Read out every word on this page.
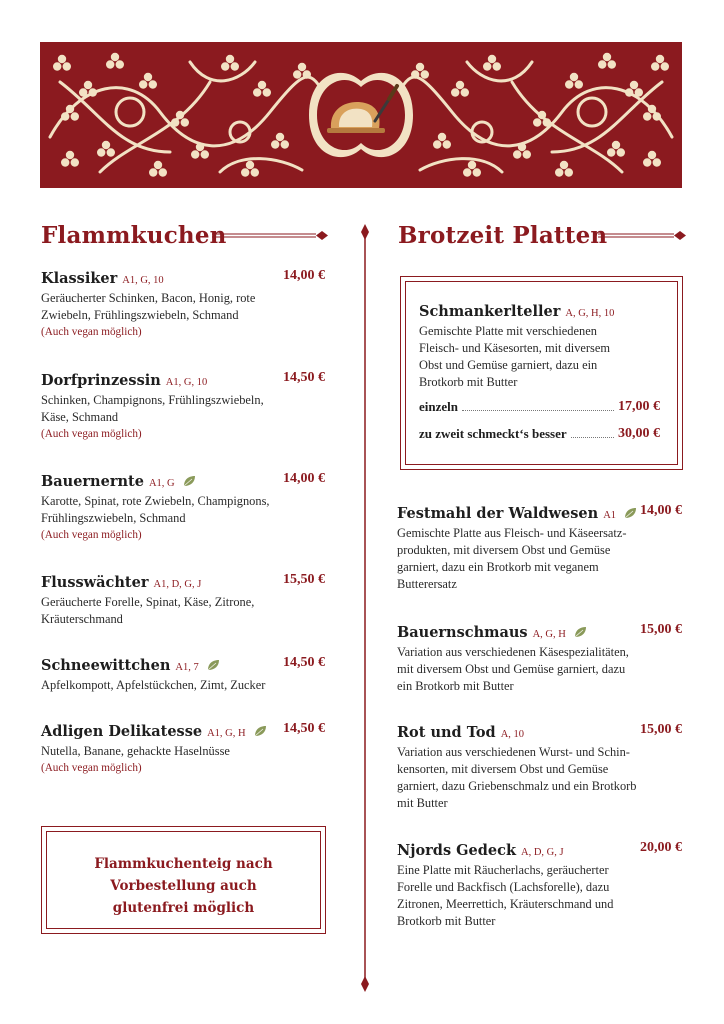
Flammkuchen	Brotzeit Platten
Klassiker A1, G, 10	14,00 €
Geräucherter Schinken, Bacon, Honig, rote
Zwiebeln, Frühlingszwiebeln, Schmand
(Auch vegan möglich)
Dorfprinzessin A1, G, 10	14,50 €
Schinken, Champignons, Frühlingszwiebeln,
Käse, Schmand
(Auch vegan möglich)
Bauernernte A1, G	14,00 €
Karotte, Spinat, rote Zwiebeln, Champignons,
Frühlingszwiebeln, Schmand
(Auch vegan möglich)
Flusswächter A1, D, G, J	15,50 €
Geräucherte Forelle, Spinat, Käse, Zitrone,
Kräuterschmand
Schneewittchen A1, 7	14,50 €
Apfelkompott, Apfelstückchen, Zimt, Zucker
Adligen Delikatesse A1, G, H	14,50 €
Nutella, Banane, gehackte Haselnüsse
(Auch vegan möglich)
Flammkuchenteig nach
Vorbestellung auch
glutenfrei möglich
Schmankerlteller A, G, H, 10
Gemischte Platte mit verschiedenen
Fleisch- und Käsesorten, mit diversem
Obst und Gemüse garniert, dazu ein
Brotkorb mit Butter
einzeln	17,00 €
zu zweit schmeckt‘s besser	30,00 €
Festmahl der Waldwesen A1 14,00 €
Gemischte Platte aus Fleisch- und Käseersatz-
produkten, mit diversem Obst und Gemüse
garniert, dazu ein Brotkorb mit veganem
Butterersatz
Bauernschmaus A, G, H	15,00 €
Variation aus verschiedenen Käsespezialitäten,
mit diversem Obst und Gemüse garniert, dazu
ein Brotkorb mit Butter
Rot und Tod A, 10	15,00 €
Variation aus verschiedenen Wurst- und Schin-
kensorten, mit diversem Obst und Gemüse
garniert, dazu Griebenschmalz und ein Brotkorb
mit Butter
Njords Gedeck A, D, G, J	20,00 €
Eine Platte mit Räucherlachs, geräucherter
Forelle und Backfisch (Lachsforelle), dazu
Zitronen, Meerrettich, Kräuterschmand und
Brotkorb mit Butter
